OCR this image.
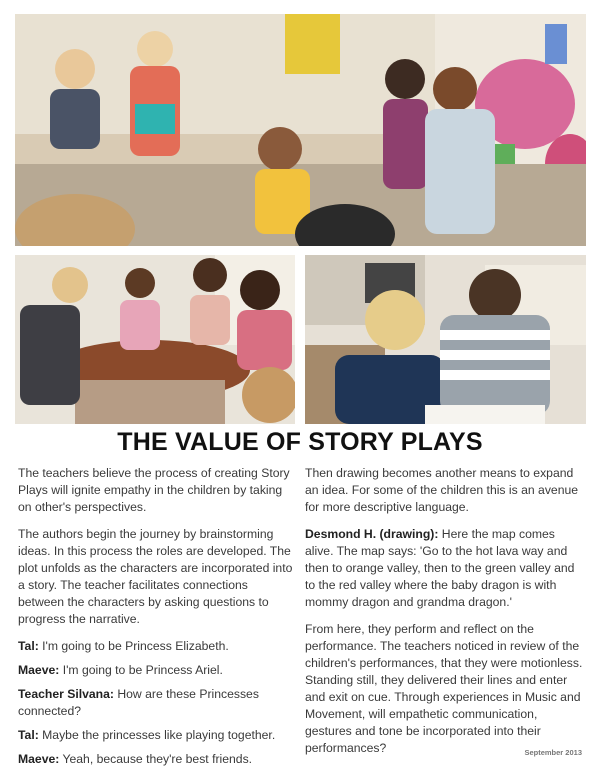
THE VALUE OF STORY PLAYS

The teachers believe the process of creating Story Plays will ignite empathy in the children by taking on other's perspectives.

The authors begin the journey by brainstorming ideas. In this process the roles are developed. The plot unfolds as the characters are incorporated into a story. The teacher facilitates connections between the characters by asking questions to progress the narrative.

Tal: I'm going to be Princess Elizabeth.

Maeve: I'm going to be Princess Ariel.

Teacher Silvana: How are these Princesses connected?

Tal: Maybe the princesses like playing together.

Maeve: Yeah, because they're best friends.

Then drawing becomes another means to expand an idea. For some of the children this is an avenue for more descriptive language.

Desmond H. (drawing): Here the map comes alive. The map says: 'Go to the hot lava way and then to orange valley, then to the green valley and to the red valley where the baby dragon is with mommy dragon and grandma dragon.'

From here, they perform and reflect on the performance. The teachers noticed in review of the children's performances, that they were motionless. Standing still, they delivered their lines and enter and exit on cue. Through experiences in Music and Movement, will empathetic communication, gestures and tone be incorporated into their performances?	September 2013
